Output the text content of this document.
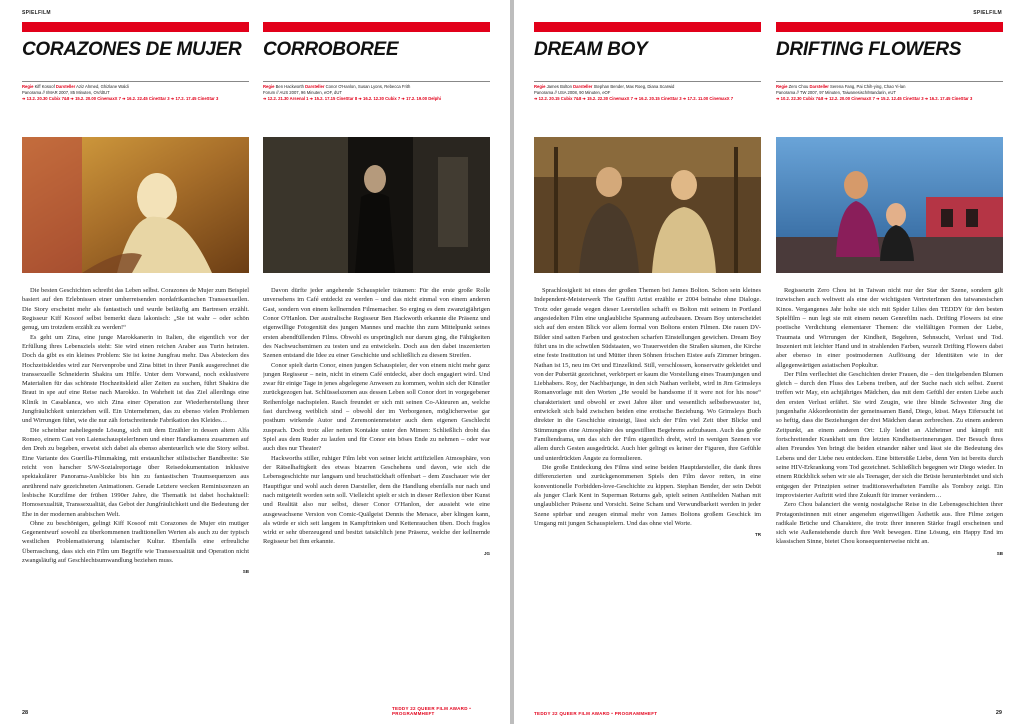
SPIELFILM
CORAZONES DE MUJER
Regie Kiff Kosoof Darsteller Aziz Ahmed, Ghizlane Waldi
Panorama // I/MAR 2007, 85 Minuten, OV/dtUT
➔ 13.2. 20.30 Cubix 7&8 ➔ 15.2. 20.00 CinemaxX 7 ➔ 16.2. 22.45 CineStar 3 ➔ 17.2. 17.45 CineStar 3
CORROBOREE
Regie Ben Hackworth Darsteller Conor O'Hanlon, Susan Lyons, Rebecca Frith
Forum // AUS 2007, 96 Minuten, eOF, dUT
➔ 12.2. 21.30 Arsenal 1 ➔ 15.2. 17.15 CineStar 8 ➔ 16.2. 12.30 Cubix 7 ➔ 17.2. 19.00 Delphi

Die besten Geschichten schreibt das Leben selbst. Corazones de Mujer zum Beispiel basiert auf den Erlebnissen einer umherreisenden nordafrikanischen Transsexuellen. Die Story erscheint mehr als fantastisch und wurde beiläufig am Bartresen erzählt. Regisseur Kiff Kosoof selbst bemerkt dazu lakonisch: „Sie ist wahr – oder schön genug, um trotzdem erzählt zu werden!“

Es geht um Zina, eine junge Marokkanerin in Italien, die eigentlich vor der Erfüllung ihres Lebensziels steht: Sie wird einen reichen Araber aus Turin heiraten. Doch da gibt es ein kleines Problem: Sie ist keine Jungfrau mehr. Das Abstecken des Hochzeitskleides wird zur Nervenprobe und Zina bittet in ihrer Panik ausgerechnet die transsexuelle Schneiderin Shakira um Hilfe. Unter dem Vorwand, noch exklusivere Materialien für das schönste Hochzeitskleid aller Zeiten zu suchen, führt Shakira die Braut in spe auf eine Reise nach Marokko. In Wahrheit ist das Ziel allerdings eine Klinik in Casablanca, wo sich Zina einer Operation zur Wiederherstellung ihrer Jungfräulichkeit unterziehen will. Ein Unternehmen, das zu ebenso vielen Problemen und Wirrungen führt, wie die nur zäh fortschreitende Fabrikation des Kleides…

Die scheinbar naheliegende Lösung, sich mit dem Erzähler in dessen altem Alfa Romeo, einem Cast von LaienschauspielerInnen und einer Handkamera zusammen auf den Dreh zu begeben, erweist sich dabei als ebenso abenteuerlich wie die Story selbst. Eine Variante des Guerilla-Filmmaking, mit erstaunlicher stilistischer Bandbreite: Sie reicht von harscher S/W-Sozialreportage über Reisedokumentation inklusive spektakulärer Panorama-Ausblicke bis hin zu fantastischen Traumsequenzen aus anrührend naiv gezeichneten Animationen. Gerade Letztere wecken Reminiszenzen an lesbische Kurzfilme der frühen 1990er Jahre, die Thematik ist dabei hochaktuell: Homosexualität, Transsexualität, das Gebot der Jungfräulichkeit und die Bedeutung der Ehe in der modernen arabischen Welt.

Ohne zu beschönigen, gelingt Kiff Kosoof mit Corazones de Mujer ein mutiger Gegenentwurf sowohl zu überkommenen traditionellen Werten als auch zu der typisch westlichen Problematisierung islamischer Kultur. Ebenfalls eine erfreuliche Überraschung, dass sich ein Film um Begriffe wie Transsexualität und Operation nicht zwangsläufig auf Geschlechtsumwandlung beziehen muss.

SB

Davon dürfte jeder angehende Schauspieler träumen: Für die erste große Rolle unversehens im Café entdeckt zu werden – und das nicht einmal von einem anderen Gast, sondern von einem kellnernden Filmemacher. So erging es dem zwanzigjährigen Conor O'Hanlon. Der australische Regisseur Ben Hackworth erkannte die Präsenz und eigenwillige Fotogenität des jungen Mannes und machte ihn zum Mittelpunkt seines ersten abendfüllenden Films. Obwohl es ursprünglich nur darum ging, die Fähigkeiten des Nachwuchsmimen zu testen und zu entwickeln. Doch aus den dabei inszenierten Szenen entstand die Idee zu einer Geschichte und schließlich zu diesem Streifen.

Conor spielt darin Conor, einen jungen Schauspieler, der von einem nicht mehr ganz jungen Regisseur – nein, nicht in einem Café entdeckt, aber doch engagiert wird. Und zwar für einige Tage in jenes abgelegene Anwesen zu kommen, wohin sich der Künstler zurückgezogen hat. Schlüsselszenen aus dessen Leben soll Conor dort in vorgegebener Reihenfolge nachspielen. Rasch freundet er sich mit seinen Co-Akteuren an, welche fast durchweg weiblich sind – obwohl der im Verborgenen, möglicherweise gar posthum wirkende Autor und Zeremonienmeister auch dem eigenen Geschlecht zusprach. Doch trotz aller netten Kontakte unter den Mimen: Schließlich droht das Spiel aus dem Ruder zu laufen und für Conor ein böses Ende zu nehmen – oder war auch dies nur Theater?

Hackworths stiller, ruhiger Film lebt von seiner leicht artifiziellen Atmosphäre, von der Rätselhaftigkeit des etwas bizarren Geschehens und davon, wie sich die Lebensgeschichte nur langsam und bruchstückhaft offenbart – dem Zuschauer wie der Hauptfigur und wohl auch deren Darsteller, dem die Handlung ebenfalls nur nach und nach mitgeteilt worden sein soll. Vielleicht spielt er sich in dieser Reflexion über Kunst und Realität also nur selbst, dieser Conor O'Hanlon, der aussieht wie eine ausgewachsene Version von Comic-Quälgeist Dennis the Menace, aber klingen kann, als würde er sich seit langem in Kampftrinken und Kettenrauchen üben. Doch fraglos wirkt er sehr überzeugend und besitzt tatsächlich jene Präsenz, welche der kellnernde Regisseur bei ihm erkannte.

JG
28
TEDDY 22 QUEER FILM AWARD • PROGRAMMHEFT
SPIELFILM
DREAM BOY
Regie James Bolton Darsteller Stephan Bender, Max Roeg, Diana Scarwid
Panorama // USA 2008, 90 Minuten, eOF
➔ 12.2. 20.15 Cubix 7&8 ➔ 15.2. 22.30 CinemaxX 7 ➔ 16.2. 20.15 CineStar 3 ➔ 17.2. 11.00 CinemaxX 7
DRIFTING FLOWERS
Regie Zero Chou Darsteller Serena Fang, Pai Chih-ying, Chao Yi-lan
Panorama // TW 2007, 97 Minuten, Taiwanesisch/Mandarin, eUT
➔ 10.2. 22.30 Cubix 7&8 ➔ 12.2. 20.00 CinemaxX 7 ➔ 15.2. 12.45 CineStar 3 ➔ 16.2. 17.45 CineStar 3

Sprachlosigkeit ist eines der großen Themen bei James Bolton. Schon sein kleines Independent-Meisterwerk The Graffiti Artist erzählte er 2004 beinahe ohne Dialoge. Trotz oder gerade wegen dieser Leerstellen schafft es Bolton mit seinem in Portland angesiedelten Film eine unglaubliche Spannung aufzubauen. Dream Boy unterscheidet sich auf den ersten Blick vor allem formal von Boltons ersten Filmen. Die rauen DV-Bilder sind satten Farben und gestochen scharfen Einstellungen gewichen. Dream Boy führt uns in die schwülen Südstaaten, wo Trauerweiden die Straßen säumen, die Kirche eine feste Institution ist und Mütter ihren Söhnen frischen Eistee aufs Zimmer bringen. Nathan ist 15, neu im Ort und Einzelkind. Still, verschlossen, konservativ gekleidet und von der Pubertät gezeichnet, verkörpert er kaum die Vorstellung eines Traumjungen und Liebhabers. Roy, der Nachbarjunge, in den sich Nathan verliebt, wird in Jim Grimsleys Romanvorlage mit den Worten „He would be handsome if it were not for his nose“ charakterisiert und obwohl er zwei Jahre älter und wesentlich selbstbewusster ist, entwickelt sich bald zwischen beiden eine erotische Beziehung. Wo Grimsleys Buch direkter in die Geschichte einsteigt, lässt sich der Film viel Zeit über Blicke und Stimmungen eine Atmosphäre des ungestillten Begehrens aufzubauen. Auch das große Familiendrama, um das sich der Film eigentlich dreht, wird in wenigen Szenen vor allem durch Gesten ausgedrückt. Auch hier gelingt es keiner der Figuren, ihre Gefühle und unterdrückten Ängste zu formulieren.

Die große Entdeckung des Films sind seine beiden Hauptdarsteller, die dank ihres differenzierten und zurückgenommenen Spiels den Film davor retten, in eine konventionelle Forbidden-love-Geschichte zu kippen. Stephan Bender, der sein Debüt als junger Clark Kent in Superman Returns gab, spielt seinen Antihelden Nathan mit unglaublicher Präsenz und Vorsicht. Seine Scham und Verwundbarkeit werden in jeder Szene spürbar und zeugen einmal mehr von James Boltons großem Geschick im Umgang mit jungen Schauspielern. Und das ohne viel Worte.

TR

Regisseurin Zero Chou ist in Taiwan nicht nur der Star der Szene, sondern gilt inzwischen auch weltweit als eine der wichtigsten VertreterInnen des taiwanesischen Kinos. Vergangenes Jahr holte sie sich mit Spider Lilies den TEDDY für den besten Spielfilm – nun legt sie mit einem neuen Genrefilm nach. Drifting Flowers ist eine poetische Verdichtung elementarer Themen: die vielfältigen Formen der Liebe, Traumata und Wirrungen der Kindheit, Begehren, Sehnsucht, Verlust und Tod. Inszeniert mit leichter Hand und in strahlenden Farben, wurzelt Drifting Flowers dabei aber ebenso in einer postmodernen Auflösung der Identitäten wie in der allgegenwärtigen asiatischen Popkultur.

Der Film verflechtet die Geschichten dreier Frauen, die – den titelgebenden Blumen gleich – durch den Fluss des Lebens treiben, auf der Suche nach sich selbst. Zuerst treffen wir May, ein achtjähriges Mädchen, das mit dem Gefühl der ersten Liebe auch den ersten Verlust erfährt. Sie wird Zeugin, wie ihre blinde Schwester Jing die jungenhafte Akkordeonistin der gemeinsamen Band, Diego, küsst. Mays Eifersucht ist so heftig, dass die Beziehungen der drei Mädchen daran zerbrechen. Zu einem anderen Zeitpunkt, an einem anderen Ort: Lily leidet an Alzheimer und kämpft mit fortschreitender Krankheit um ihre letzten Kindheitserinnerungen. Der Besuch ihres alten Freundes Yen bringt die beiden einander näher und lässt sie die Bedeutung des Lebens und der Liebe neu entdecken. Eine bittersüße Liebe, denn Yen ist bereits durch seine HIV-Erkrankung vom Tod gezeichnet. Schließlich begegnen wir Diego wieder. In einem Rückblick sehen wir sie als Teenager, der sich die Brüste herunterbindet und sich entgegen der Prinzipien seiner traditionsverhafteten Familie als Tomboy zeigt. Ein improvisierter Auftritt wird ihre Zukunft für immer verändern…

Zero Chou balanciert die wenig nostalgische Reise in die Lebensgeschichten ihrer Protagonistinnen mit einer angenehm eigenwilligen Ästhetik aus. Ihre Filme zeigen radikale Brüche und Charaktere, die trotz ihrer inneren Stärke fragil erscheinen und sich wie Außenstehende durch ihre Welt bewegen. Eine Lösung, ein Happy End im klassischen Sinne, bietet Chou konsequenterweise nicht an.

SB
TEDDY 22 QUEER FILM AWARD • PROGRAMMHEFT	29
